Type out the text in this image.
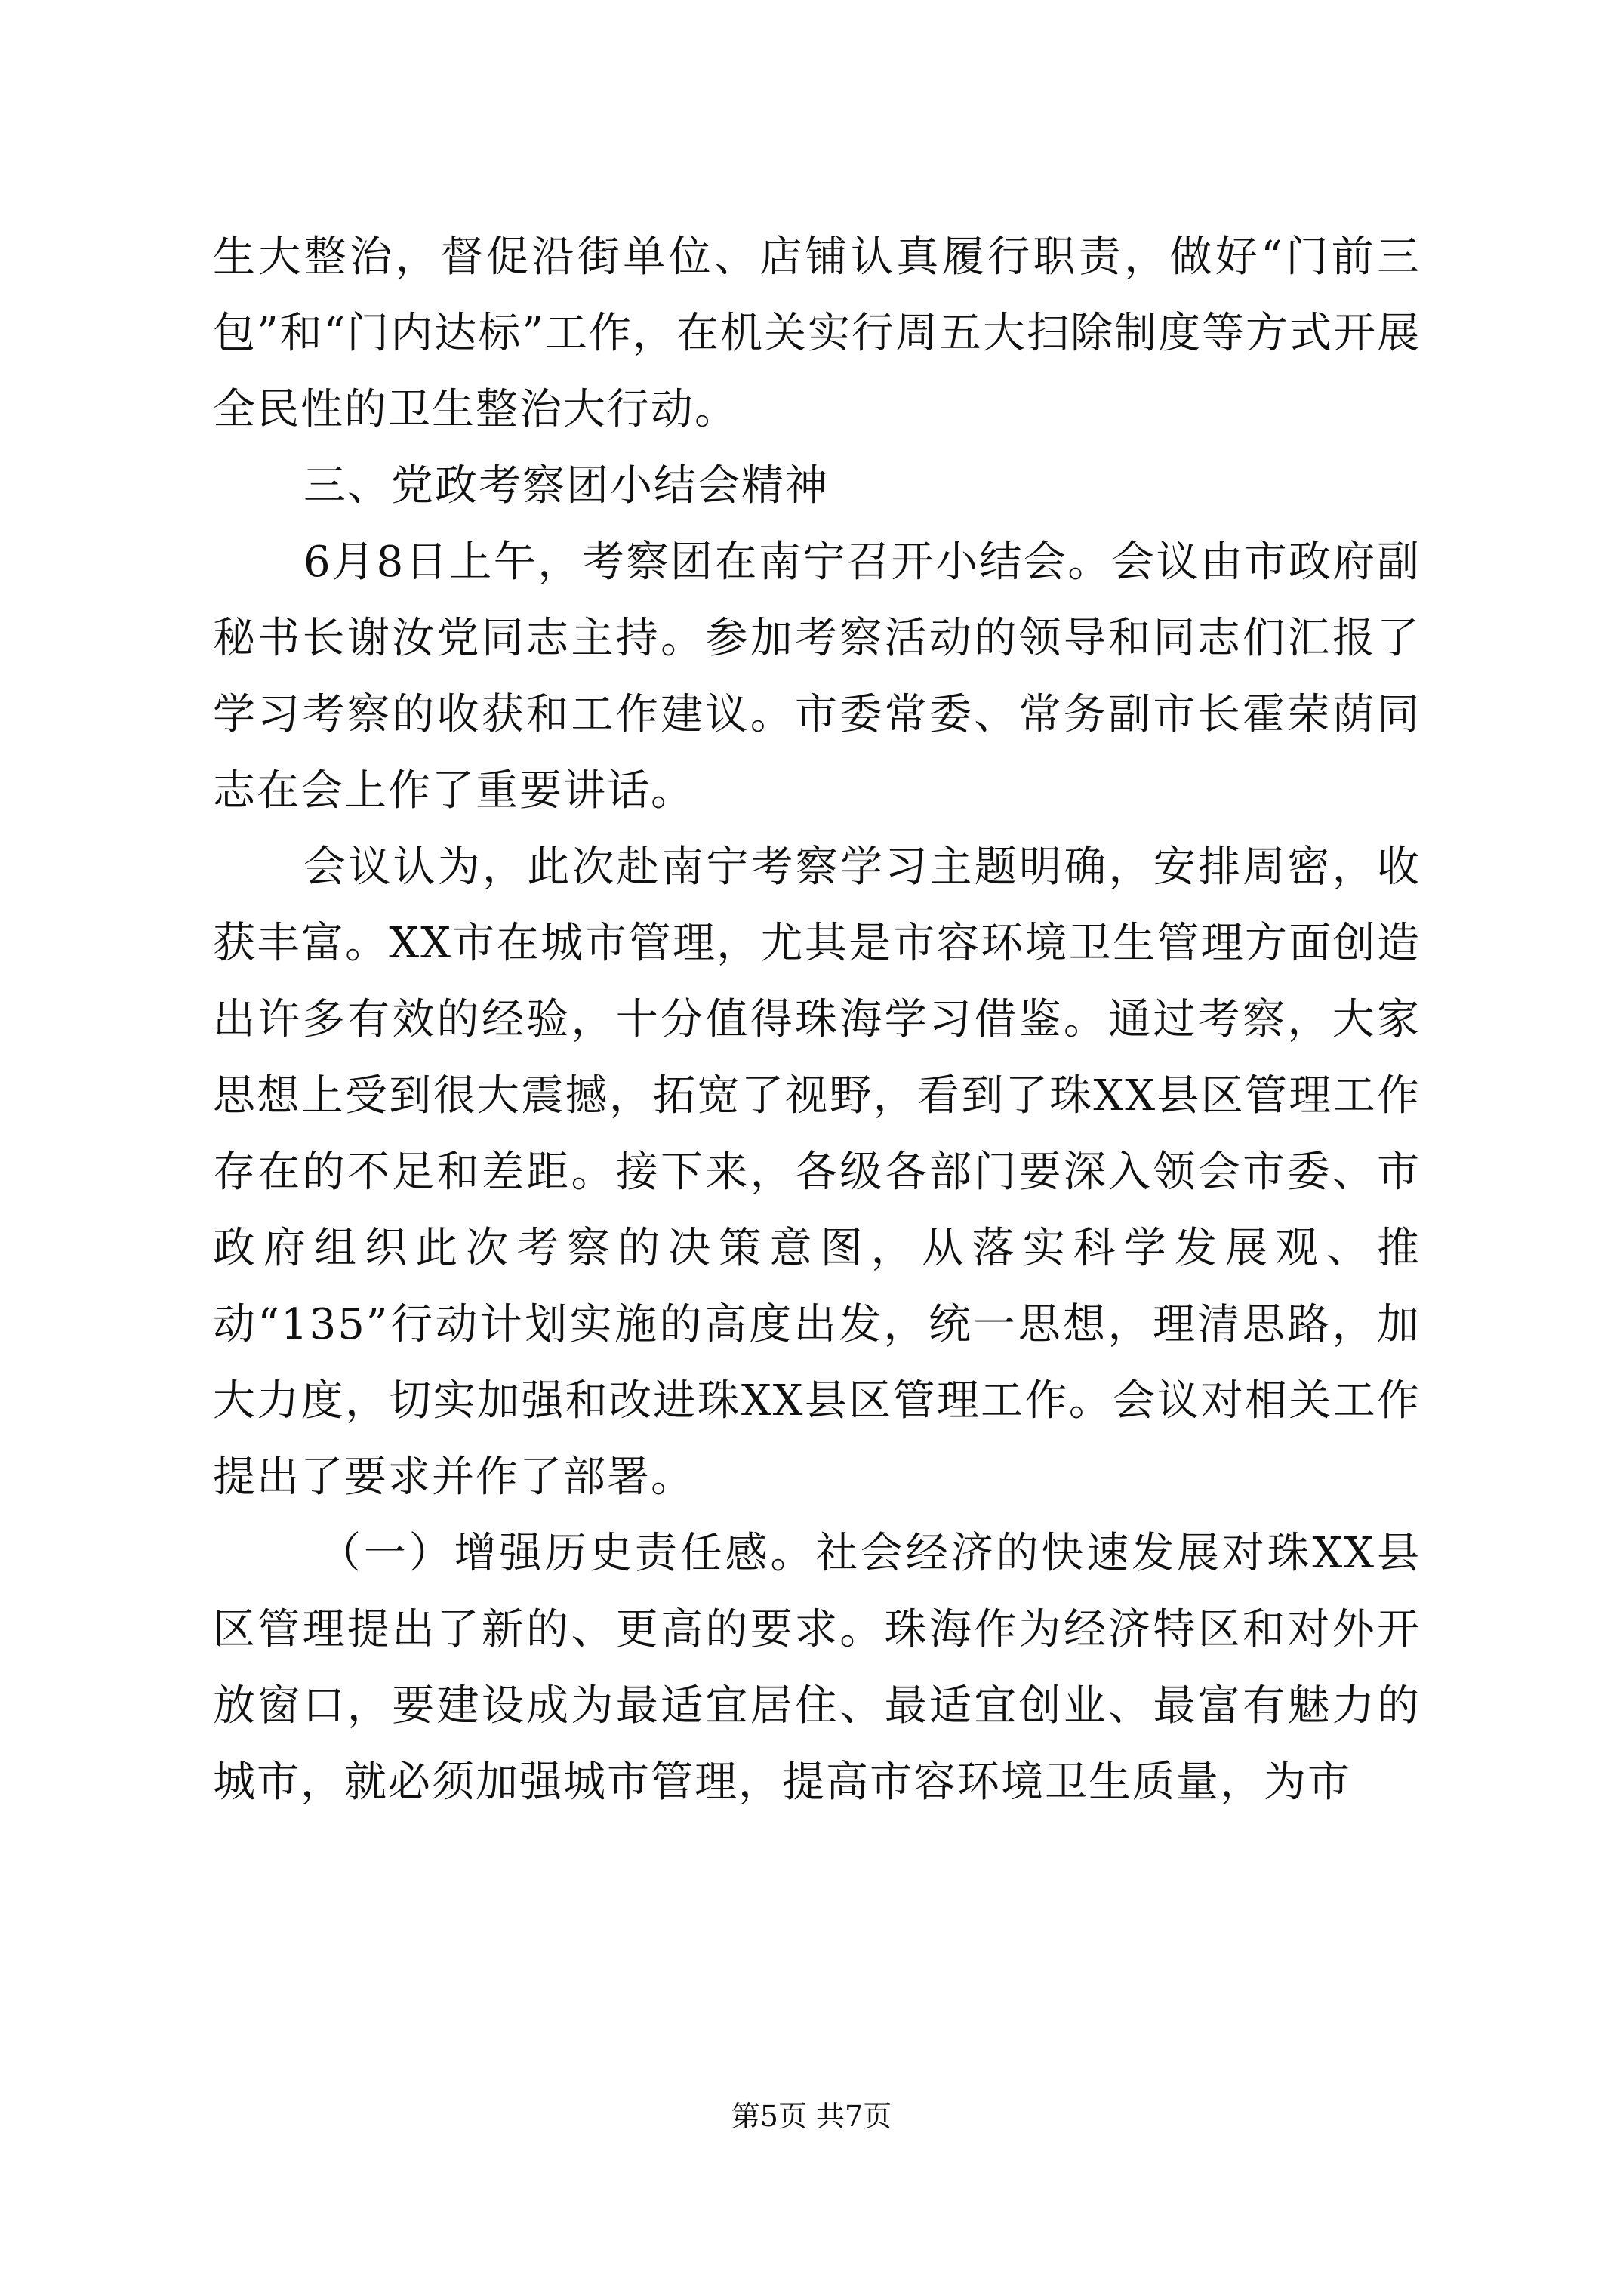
生大整治，督促沿街单位、店铺认真履行职责，做好“门前三包”和“门内达标”工作，在机关实行周五大扫除制度等方式开展全民性的卫生整治大行动。

三、党政考察团小结会精神

6月8日上午，考察团在南宁召开小结会。会议由市政府副秘书长谢汝党同志主持。参加考察活动的领导和同志们汇报了学习考察的收获和工作建议。市委常委、常务副市长霍荣荫同志在会上作了重要讲话。

会议认为，此次赴南宁考察学习主题明确，安排周密，收获丰富。XX市在城市管理，尤其是市容环境卫生管理方面创造出许多有效的经验，十分值得珠海学习借鉴。通过考察，大家思想上受到很大震撼，拓宽了视野，看到了珠XX县区管理工作存在的不足和差距。接下来，各级各部门要深入领会市委、市政府组织此次考察的决策意图，从落实科学发展观、推动“135”行动计划实施的高度出发，统一思想，理清思路，加大力度，切实加强和改进珠XX县区管理工作。会议对相关工作提出了要求并作了部署。

（一）增强历史责任感。社会经济的快速发展对珠XX县区管理提出了新的、更高的要求。珠海作为经济特区和对外开放窗口，要建设成为最适宜居住、最适宜创业、最富有魅力的城市，就必须加强城市管理，提高市容环境卫生质量，为市

第5页 共7页
